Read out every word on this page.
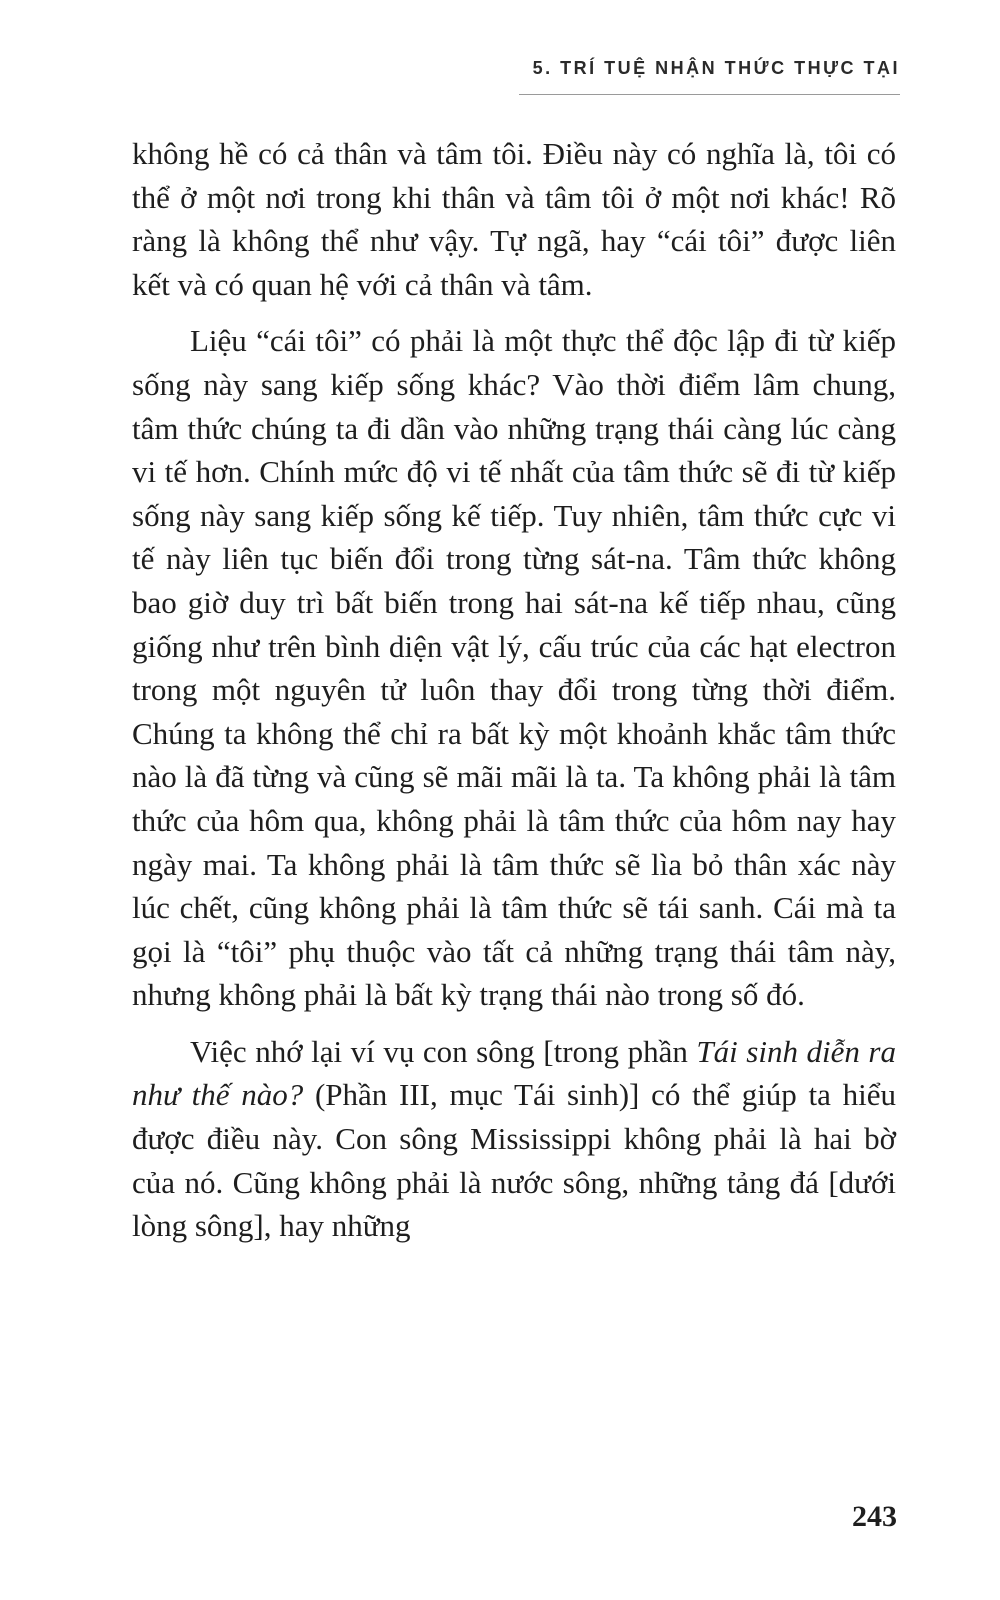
5. TRÍ TUỆ NHẬN THỨC THỰC TẠI

không hề có cả thân và tâm tôi. Điều này có nghĩa là, tôi có thể ở một nơi trong khi thân và tâm tôi ở một nơi khác! Rõ ràng là không thể như vậy. Tự ngã, hay “cái tôi” được liên kết và có quan hệ với cả thân và tâm.

Liệu “cái tôi” có phải là một thực thể độc lập đi từ kiếp sống này sang kiếp sống khác? Vào thời điểm lâm chung, tâm thức chúng ta đi dần vào những trạng thái càng lúc càng vi tế hơn. Chính mức độ vi tế nhất của tâm thức sẽ đi từ kiếp sống này sang kiếp sống kế tiếp. Tuy nhiên, tâm thức cực vi tế này liên tục biến đổi trong từng sát-na. Tâm thức không bao giờ duy trì bất biến trong hai sát-na kế tiếp nhau, cũng giống như trên bình diện vật lý, cấu trúc của các hạt electron trong một nguyên tử luôn thay đổi trong từng thời điểm. Chúng ta không thể chỉ ra bất kỳ một khoảnh khắc tâm thức nào là đã từng và cũng sẽ mãi mãi là ta. Ta không phải là tâm thức của hôm qua, không phải là tâm thức của hôm nay hay ngày mai. Ta không phải là tâm thức sẽ lìa bỏ thân xác này lúc chết, cũng không phải là tâm thức sẽ tái sanh. Cái mà ta gọi là “tôi” phụ thuộc vào tất cả những trạng thái tâm này, nhưng không phải là bất kỳ trạng thái nào trong số đó.

Việc nhớ lại ví vụ con sông [trong phần Tái sinh diễn ra như thế nào? (Phần III, mục Tái sinh)] có thể giúp ta hiểu được điều này. Con sông Mississippi không phải là hai bờ của nó. Cũng không phải là nước sông, những tảng đá [dưới lòng sông], hay những

243
